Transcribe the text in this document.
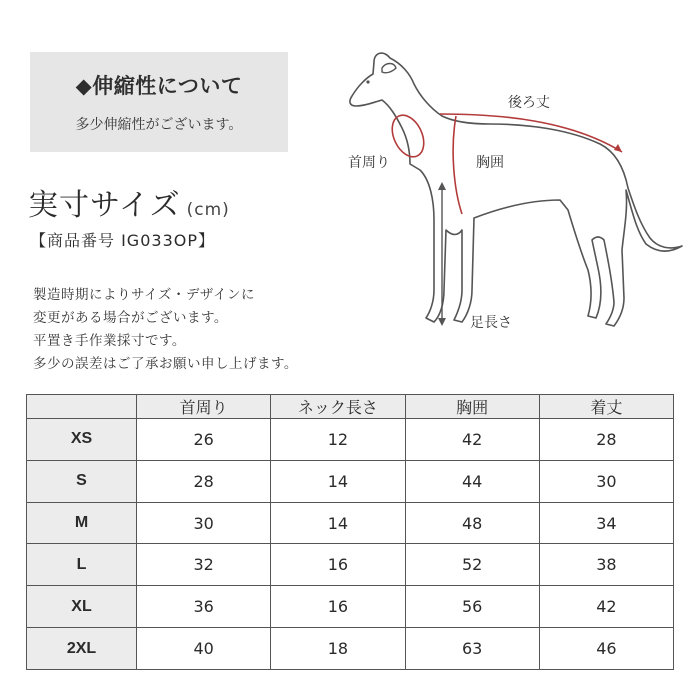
◆伸縮性について
多少伸縮性がございます。
実寸サイズ (cm)
【商品番号 IG033OP】
製造時期によりサイズ・デザインに
変更がある場合がございます。
平置き手作業採寸です。
多少の誤差はご了承お願い申し上げます。
後ろ丈
首周り	胸囲
足長さ
	首周り	ネック長さ	胸囲	着丈
XS	26	12	42	28
S	28	14	44	30
M	30	14	48	34
L	32	16	52	38
XL	36	16	56	42
2XL	40	18	63	46
